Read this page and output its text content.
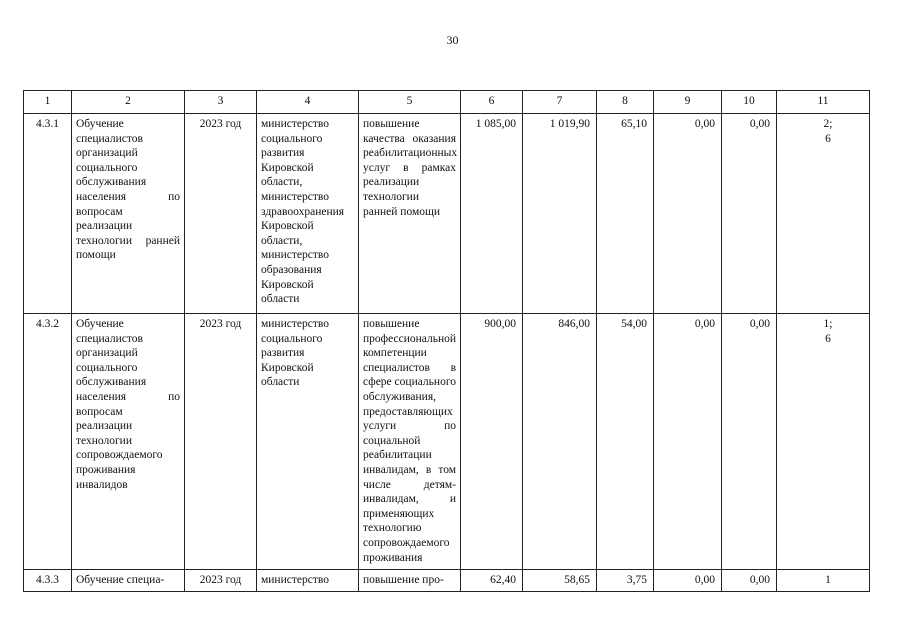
30
1	2	3	4	5	6	7	8	9	10	11
4.3.1	Обучение специалистов организаций социального обслуживания населения по вопросам реализации технологии ранней помощи	2023 год	министерство социального развития Кировской области, министерство здравоохранения Кировской области, министерство образования Кировской области	повышение качества оказания реабилитационных услуг в рамках реализации технологии ранней помощи	1 085,00	1 019,90	65,10	0,00	0,00	2;
6

4.3.2	Обучение специалистов организаций социального обслуживания населения по вопросам реализации технологии сопровождаемого проживания инвалидов	2023 год	министерство социального развития Кировской области	повышение профессиональной компетенции специалистов в сфере социального обслуживания, предоставляющих услуги по социальной реабилитации инвалидам, в том числе детям-инвалидам, и применяющих технологию сопровождаемого проживания	900,00	846,00	54,00	0,00	0,00	1;
6

4.3.3	Обучение специа-	2023 год	министерство	повышение про-	62,40	58,65	3,75	0,00	0,00	1
